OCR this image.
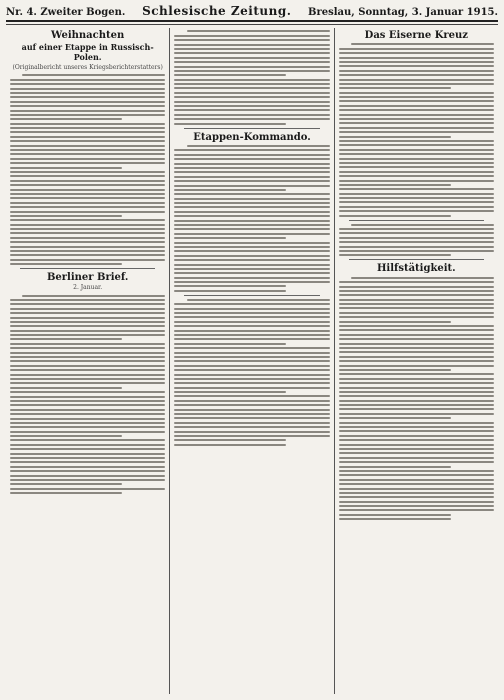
Nr. 4. Zweiter Bogen. Schlesische Zeitung. Breslau, Sonntag, 3. Januar 1915.
Weihnachten
auf einer Etappe in Russisch-Polen.
(Originalbericht unseres Kriegsberichterstatters)
Berliner Brief.
2. Januar.
Etappen-Kommando.
Das Eiserne Kreuz
Hilfstätigkeit.
